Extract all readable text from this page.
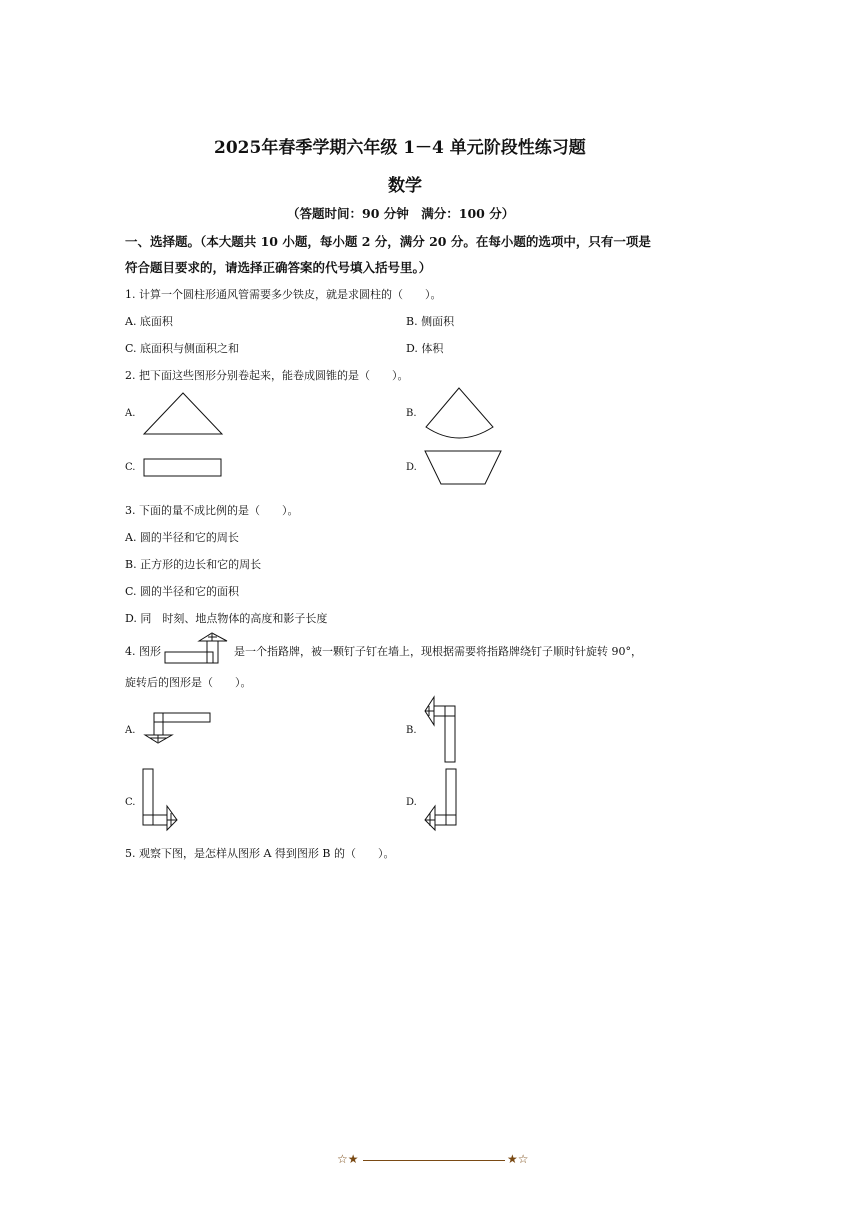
2025年春季学期六年级 1－4 单元阶段性练习题
数学
（答题时间：90 分钟　满分：100 分）
一、选择题。（本大题共 10 小题，每小题 2 分，满分 20 分。在每小题的选项中，只有一项是
符合题目要求的，请选择正确答案的代号填入括号里。）
1. 计算一个圆柱形通风管需要多少铁皮，就是求圆柱的（　　）。
A. 底面积	B. 侧面积
C. 底面积与侧面积之和	D. 体积
2. 把下面这些图形分别卷起来，能卷成圆锥的是（　　）。
A.	B.
C.	D.
3. 下面的量不成比例的是（　　）。
A. 圆的半径和它的周长
B. 正方形的边长和它的周长
C. 圆的半径和它的面积
D. 同　时刻、地点物体的高度和影子长度
4. 图形	是一个指路牌，被一颗钉子钉在墙上，现根据需要将指路牌绕钉子顺时针旋转 90°，
旋转后的图形是（　　）。
A.	B.
C.	D.
5. 观察下图，是怎样从图形 A 得到图形 B 的（　　）。
☆★	★☆
